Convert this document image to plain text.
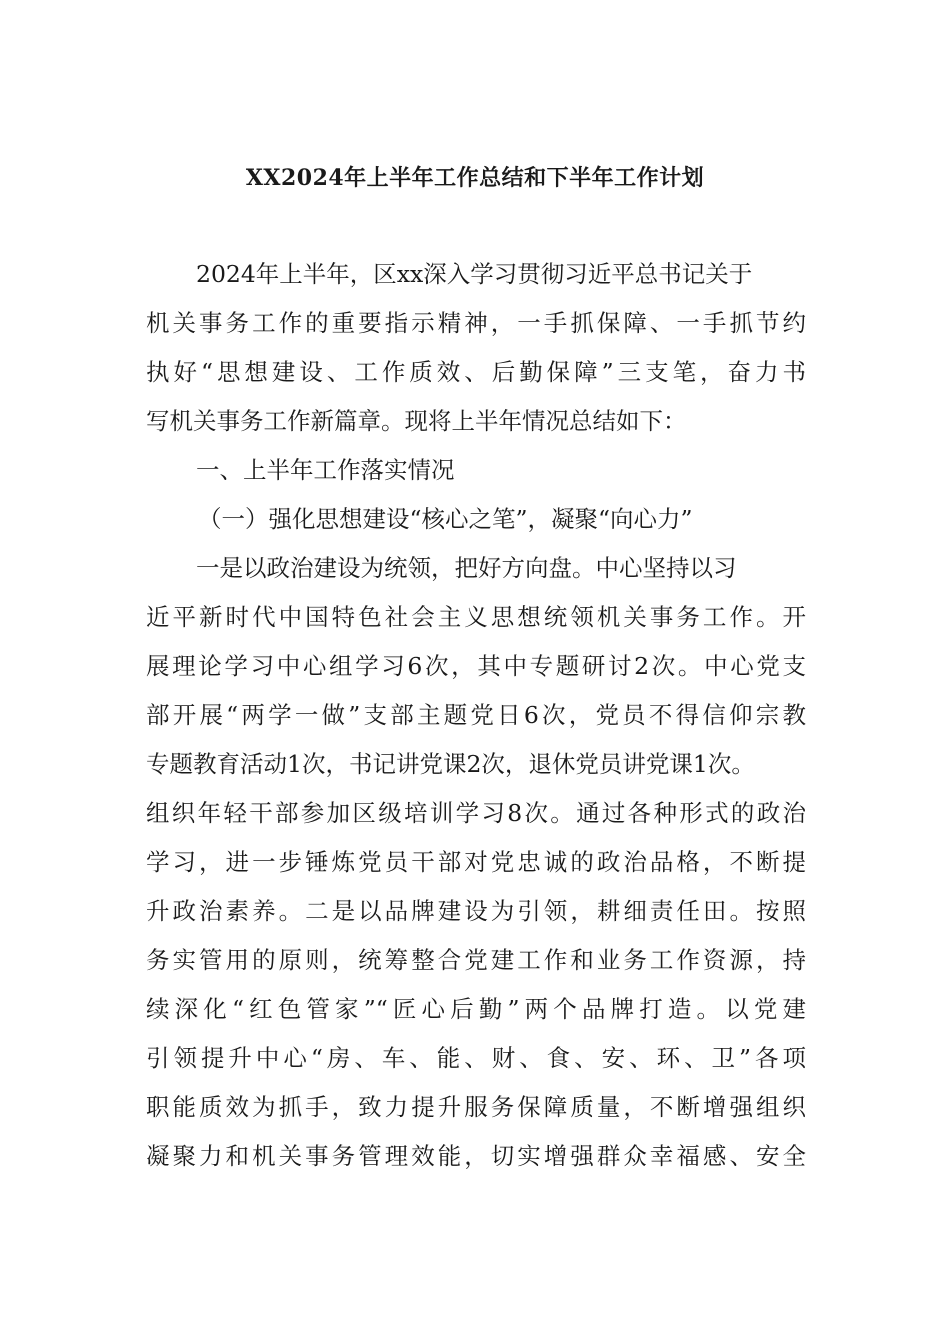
XX2024年上半年工作总结和下半年工作计划
2024年上半年，区xx深入学习贯彻习近平总书记关于
机关事务工作的重要指示精神，一手抓保障、一手抓节约
执好“思想建设、工作质效、后勤保障”三支笔，奋力书
写机关事务工作新篇章。现将上半年情况总结如下：
一、上半年工作落实情况
（一）强化思想建设“核心之笔”，凝聚“向心力”
一是以政治建设为统领，把好方向盘。中心坚持以习
近平新时代中国特色社会主义思想统领机关事务工作。开
展理论学习中心组学习6次，其中专题研讨2次。中心党支
部开展“两学一做”支部主题党日6次，党员不得信仰宗教
专题教育活动1次，书记讲党课2次，退休党员讲党课1次。
组织年轻干部参加区级培训学习8次。通过各种形式的政治
学习，进一步锤炼党员干部对党忠诚的政治品格，不断提
升政治素养。二是以品牌建设为引领，耕细责任田。按照
务实管用的原则，统筹整合党建工作和业务工作资源，持
续深化“红色管家”“匠心后勤”两个品牌打造。以党建
引领提升中心“房、车、能、财、食、安、环、卫”各项
职能质效为抓手，致力提升服务保障质量，不断增强组织
凝聚力和机关事务管理效能，切实增强群众幸福感、安全
